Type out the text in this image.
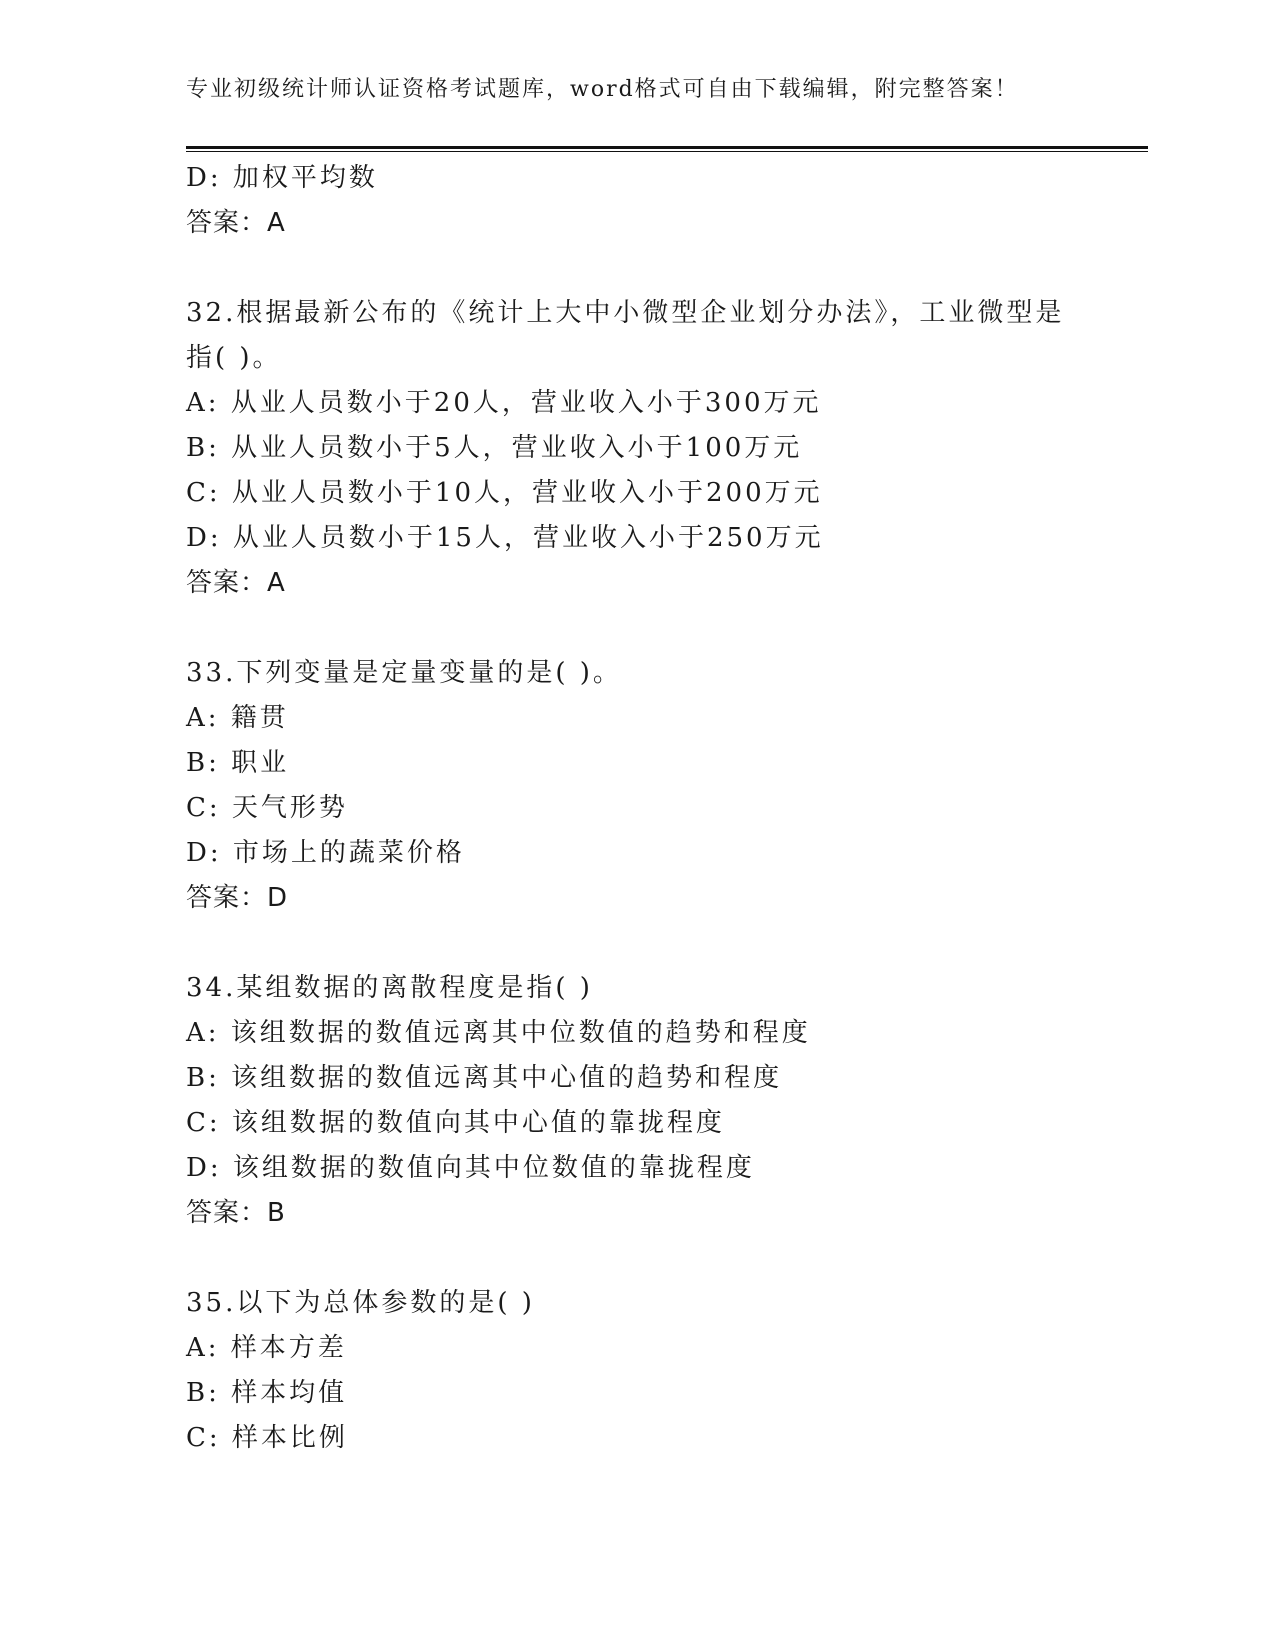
专业初级统计师认证资格考试题库，word格式可自由下载编辑，附完整答案！
D: 加权平均数
答案：A
32.根据最新公布的《统计上大中小微型企业划分办法》，工业微型是
指( )。
A: 从业人员数小于20人，营业收入小于300万元
B: 从业人员数小于5人，营业收入小于100万元
C: 从业人员数小于10人，营业收入小于200万元
D: 从业人员数小于15人，营业收入小于250万元
答案：A
33.下列变量是定量变量的是( )。
A: 籍贯
B: 职业
C: 天气形势
D: 市场上的蔬菜价格
答案：D
34.某组数据的离散程度是指( )
A: 该组数据的数值远离其中位数值的趋势和程度
B: 该组数据的数值远离其中心值的趋势和程度
C: 该组数据的数值向其中心值的靠拢程度
D: 该组数据的数值向其中位数值的靠拢程度
答案：B
35.以下为总体参数的是( )
A: 样本方差
B: 样本均值
C: 样本比例
